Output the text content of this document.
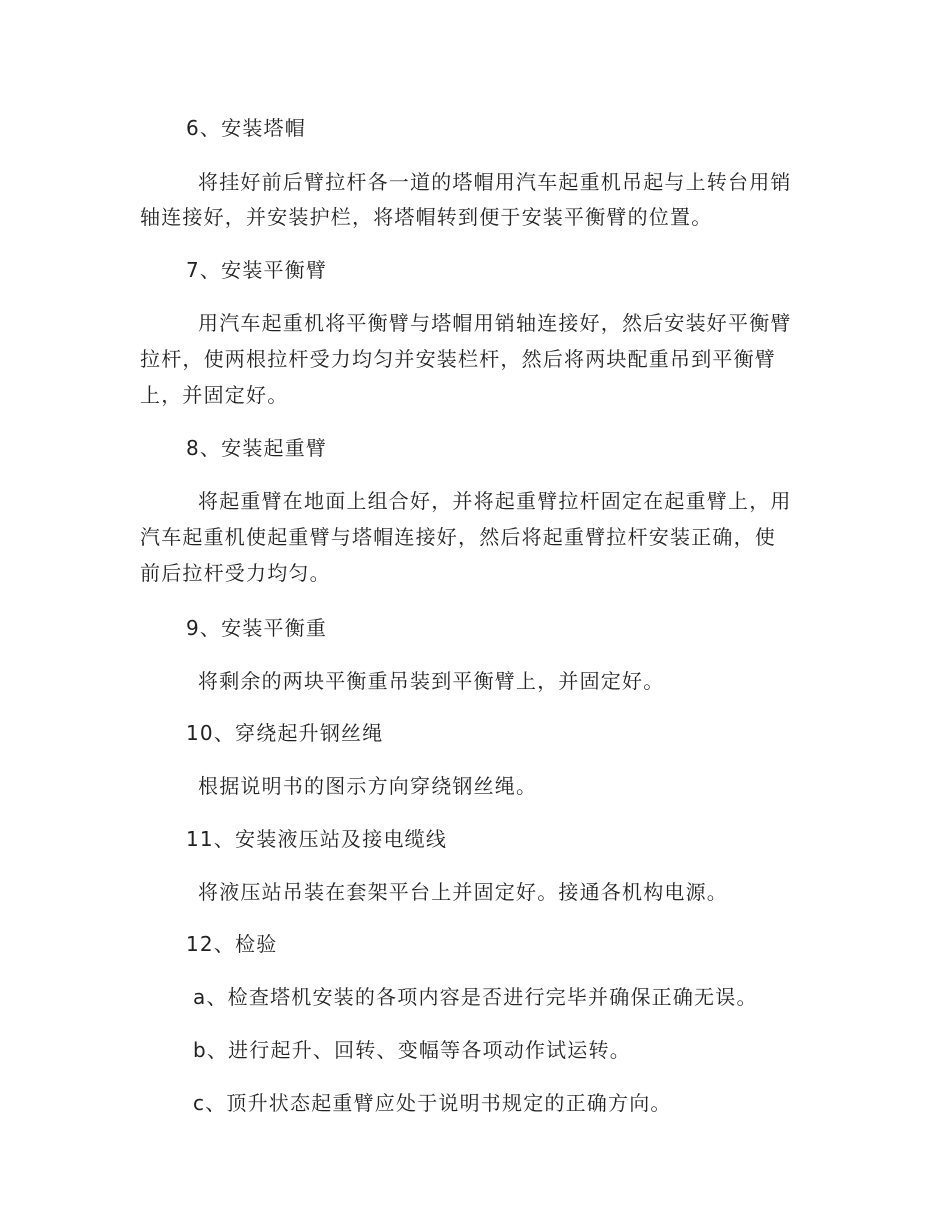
6、安装塔帽
将挂好前后臂拉杆各一道的塔帽用汽车起重机吊起与上转台用销
轴连接好，并安装护栏，将塔帽转到便于安装平衡臂的位置。
7、安装平衡臂
用汽车起重机将平衡臂与塔帽用销轴连接好，然后安装好平衡臂
拉杆，使两根拉杆受力均匀并安装栏杆，然后将两块配重吊到平衡臂
上，并固定好。
8、安装起重臂
将起重臂在地面上组合好，并将起重臂拉杆固定在起重臂上，用
汽车起重机使起重臂与塔帽连接好，然后将起重臂拉杆安装正确，使
前后拉杆受力均匀。
9、安装平衡重
将剩余的两块平衡重吊装到平衡臂上，并固定好。
10、穿绕起升钢丝绳
根据说明书的图示方向穿绕钢丝绳。
11、安装液压站及接电缆线
将液压站吊装在套架平台上并固定好。接通各机构电源。
12、检验
a、检查塔机安装的各项内容是否进行完毕并确保正确无误。
b、进行起升、回转、变幅等各项动作试运转。
c、顶升状态起重臂应处于说明书规定的正确方向。
